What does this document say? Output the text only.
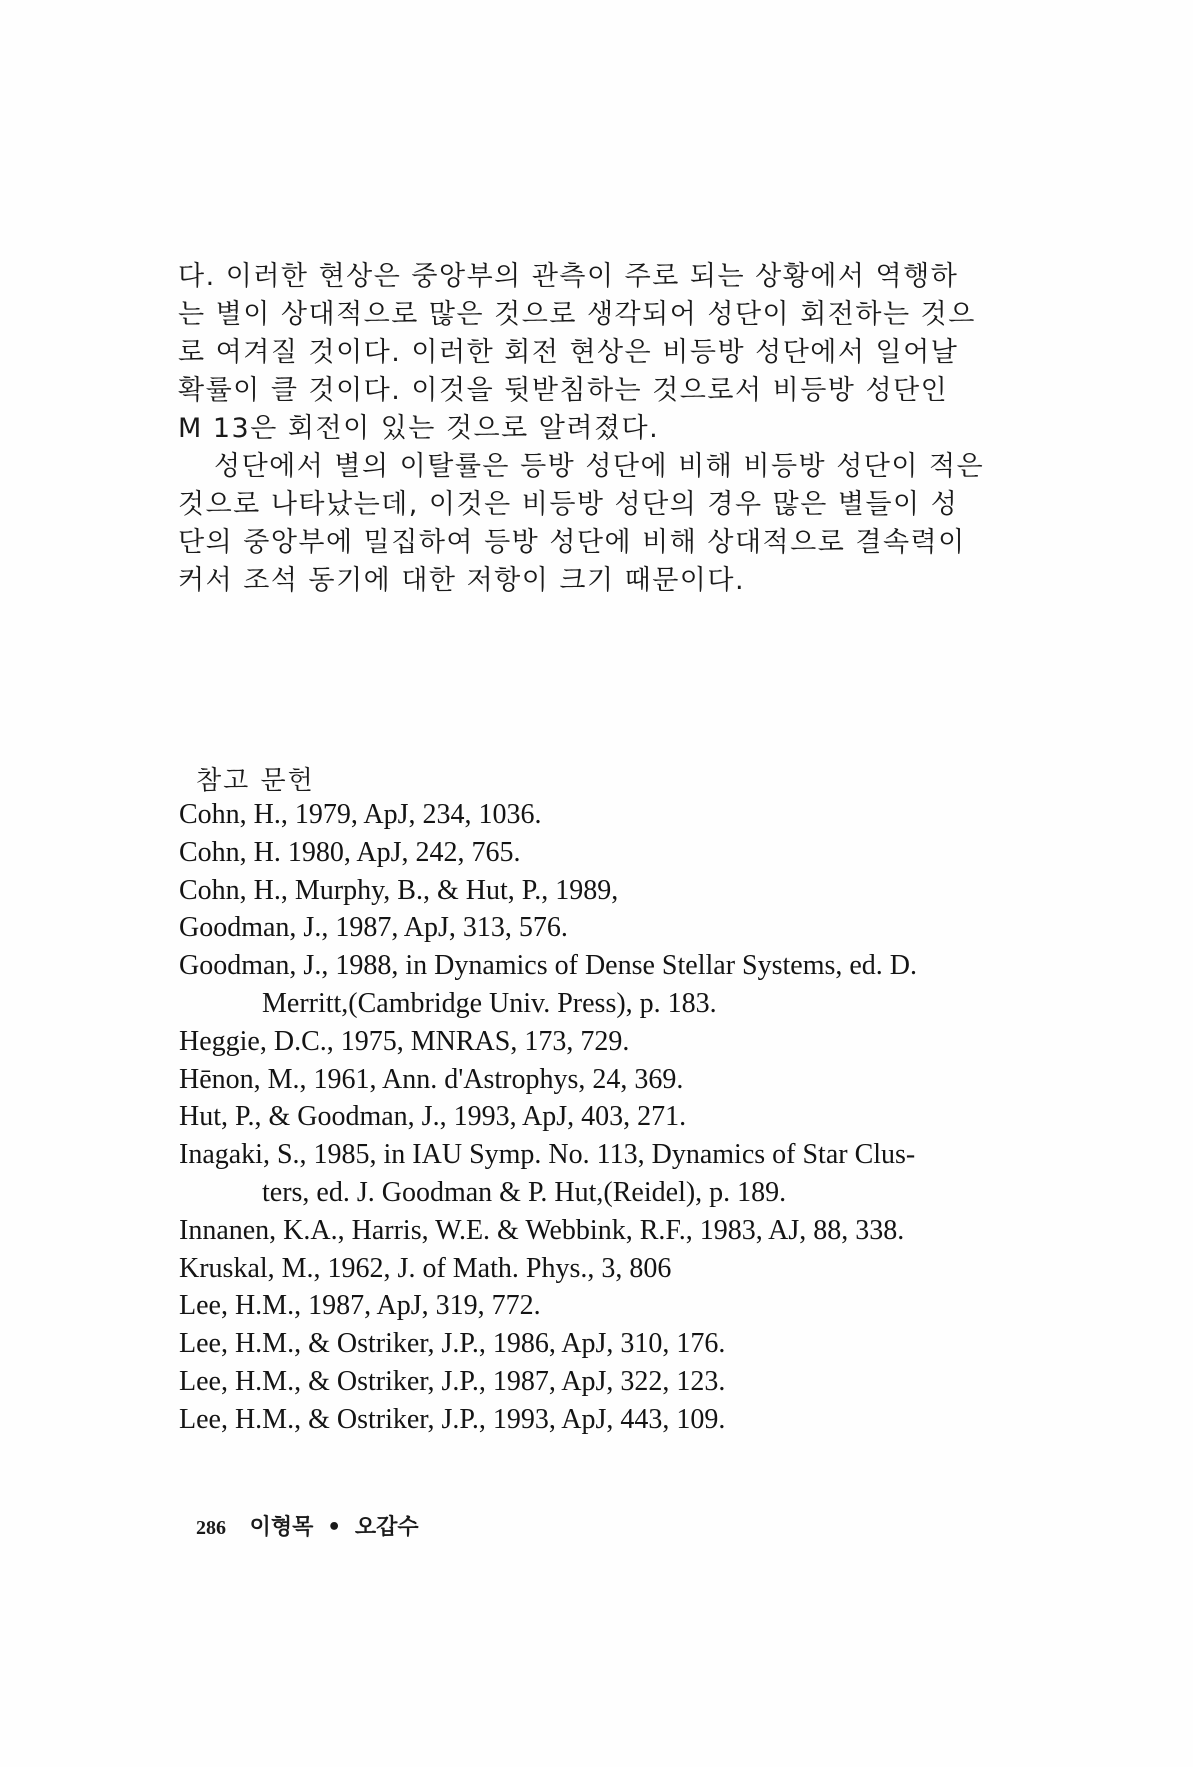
다. 이러한 현상은 중앙부의 관측이 주로 되는 상황에서 역행하
는 별이 상대적으로 많은 것으로 생각되어 성단이 회전하는 것으
로 여겨질 것이다. 이러한 회전 현상은 비등방 성단에서 일어날
확률이 클 것이다. 이것을 뒷받침하는 것으로서 비등방 성단인
M 13은 회전이 있는 것으로 알려졌다.
성단에서 별의 이탈률은 등방 성단에 비해 비등방 성단이 적은
것으로 나타났는데, 이것은 비등방 성단의 경우 많은 별들이 성
단의 중앙부에 밀집하여 등방 성단에 비해 상대적으로 결속력이
커서 조석 동기에 대한 저항이 크기 때문이다.
참고 문헌
Cohn, H., 1979, ApJ, 234, 1036.
Cohn, H. 1980, ApJ, 242, 765.
Cohn, H., Murphy, B., & Hut, P., 1989,
Goodman, J., 1987, ApJ, 313, 576.
Goodman, J., 1988, in Dynamics of Dense Stellar Systems, ed. D.
Merritt,(Cambridge Univ. Press), p. 183.
Heggie, D.C., 1975, MNRAS, 173, 729.
Hēnon, M., 1961, Ann. d'Astrophys, 24, 369.
Hut, P., & Goodman, J., 1993, ApJ, 403, 271.
Inagaki, S., 1985, in IAU Symp. No. 113, Dynamics of Star Clus-
ters, ed. J. Goodman & P. Hut,(Reidel), p. 189.
Innanen, K.A., Harris, W.E. & Webbink, R.F., 1983, AJ, 88, 338.
Kruskal, M., 1962, J. of Math. Phys., 3, 806
Lee, H.M., 1987, ApJ, 319, 772.
Lee, H.M., & Ostriker, J.P., 1986, ApJ, 310, 176.
Lee, H.M., & Ostriker, J.P., 1987, ApJ, 322, 123.
Lee, H.M., & Ostriker, J.P., 1993, ApJ, 443, 109.
286 이형목 • 오갑수
